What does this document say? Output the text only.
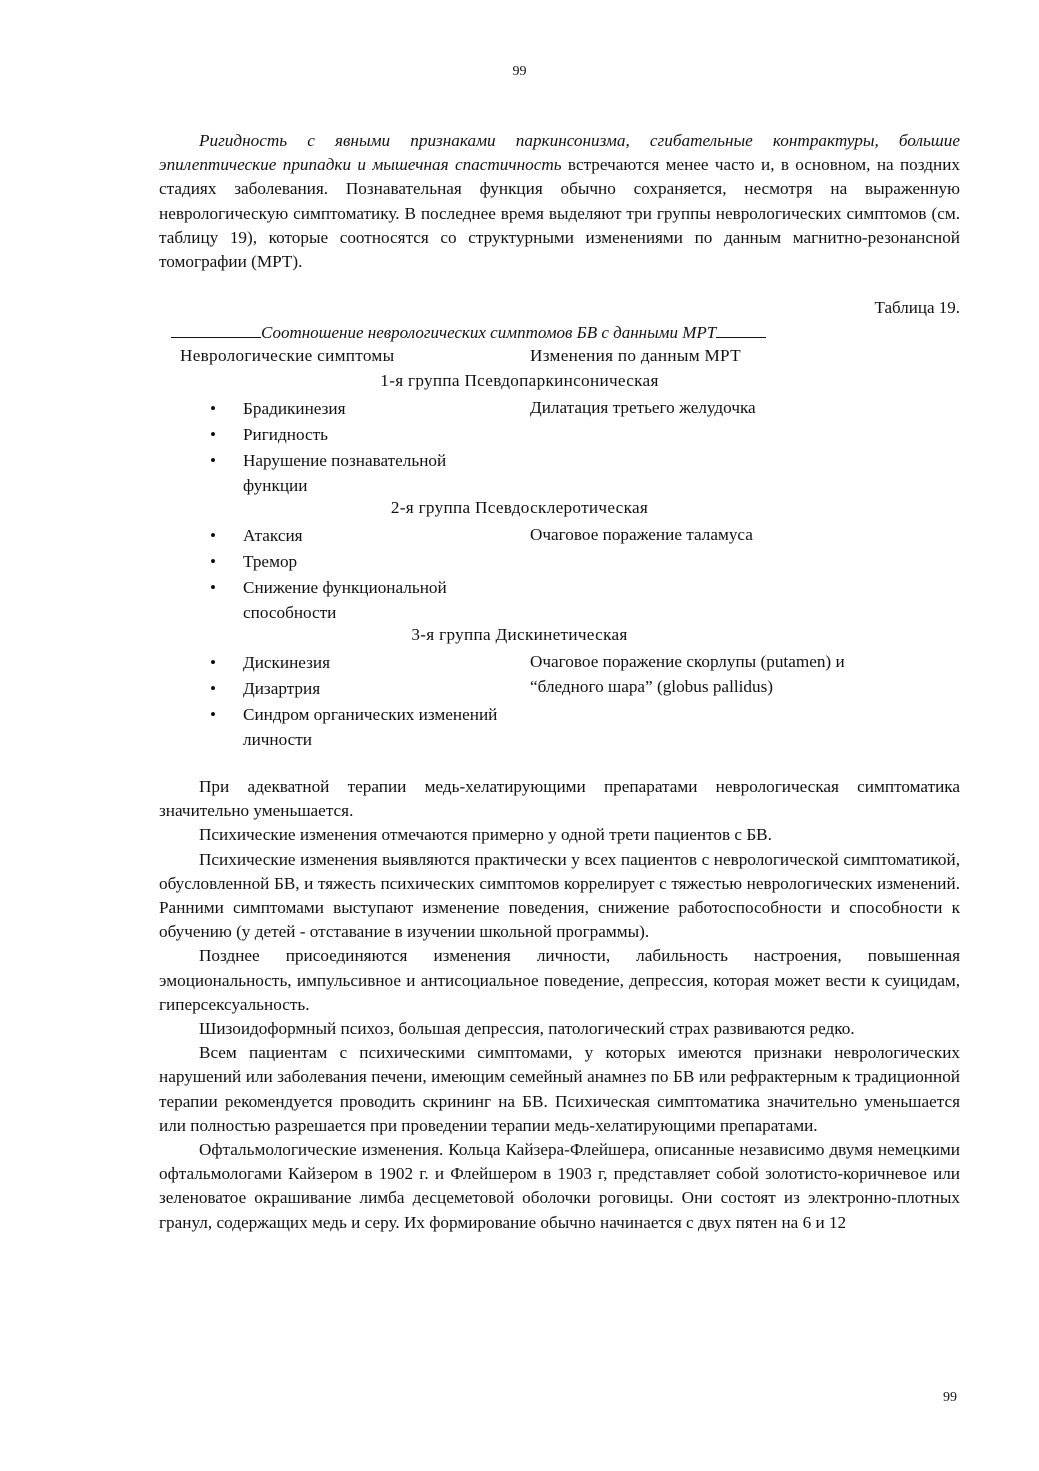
99

Ригидность с явными признаками паркинсонизма, сгибательные контрактуры, большие эпилептические припадки и мышечная спастичность встречаются менее часто и, в основном, на поздних стадиях заболевания. Познавательная функция обычно сохраняется, несмотря на выраженную неврологическую симптоматику. В последнее время выделяют три группы неврологических симптомов (см. таблицу 19), которые соотносятся со структурными изменениями по данным магнитно-резонансной томографии (МРТ).

Таблица 19.
Соотношение неврологических симптомов БВ с данными МРТ
Неврологические симптомы	Изменения по данным МРТ
1-я группа Псевдопаркинсоническая
• Брадикинезия
• Ригидность
• Нарушение познавательной функции
Дилатация третьего желудочка
2-я группа Псевдосклеротическая
• Атаксия
• Тремор
• Снижение функциональной способности
Очаговое поражение таламуса
3-я группа Дискинетическая
• Дискинезия
• Дизартрия
• Синдром органических изменений личности
Очаговое поражение скорлупы (putamen) и “бледного шара” (globus pallidus)

При адекватной терапии медь-хелатирующими препаратами неврологическая симптоматика значительно уменьшается.

Психические изменения отмечаются примерно у одной трети пациентов с БВ.

Психические изменения выявляются практически у всех пациентов с неврологической симптоматикой, обусловленной БВ, и тяжесть психических симптомов коррелирует с тяжестью неврологических изменений. Ранними симптомами выступают изменение поведения, снижение работоспособности и способности к обучению (у детей - отставание в изучении школьной программы).

Позднее присоединяются изменения личности, лабильность настроения, повышенная эмоциональность, импульсивное и антисоциальное поведение, депрессия, которая может вести к суицидам, гиперсексуальность.

Шизоидоформный психоз, большая депрессия, патологический страх развиваются редко.

Всем пациентам с психическими симптомами, у которых имеются признаки неврологических нарушений или заболевания печени, имеющим семейный анамнез по БВ или рефрактерным к традиционной терапии рекомендуется проводить скрининг на БВ. Психическая симптоматика значительно уменьшается или полностью разрешается при проведении терапии медь-хелатирующими препаратами.

Офтальмологические изменения. Кольца Кайзера-Флейшера, описанные независимо двумя немецкими офтальмологами Кайзером в 1902 г. и Флейшером в 1903 г, представляет собой золотисто-коричневое или зеленоватое окрашивание лимба десцеметовой оболочки роговицы. Они состоят из электронно-плотных гранул, содержащих медь и серу. Их формирование обычно начинается с двух пятен на 6 и 12

99
